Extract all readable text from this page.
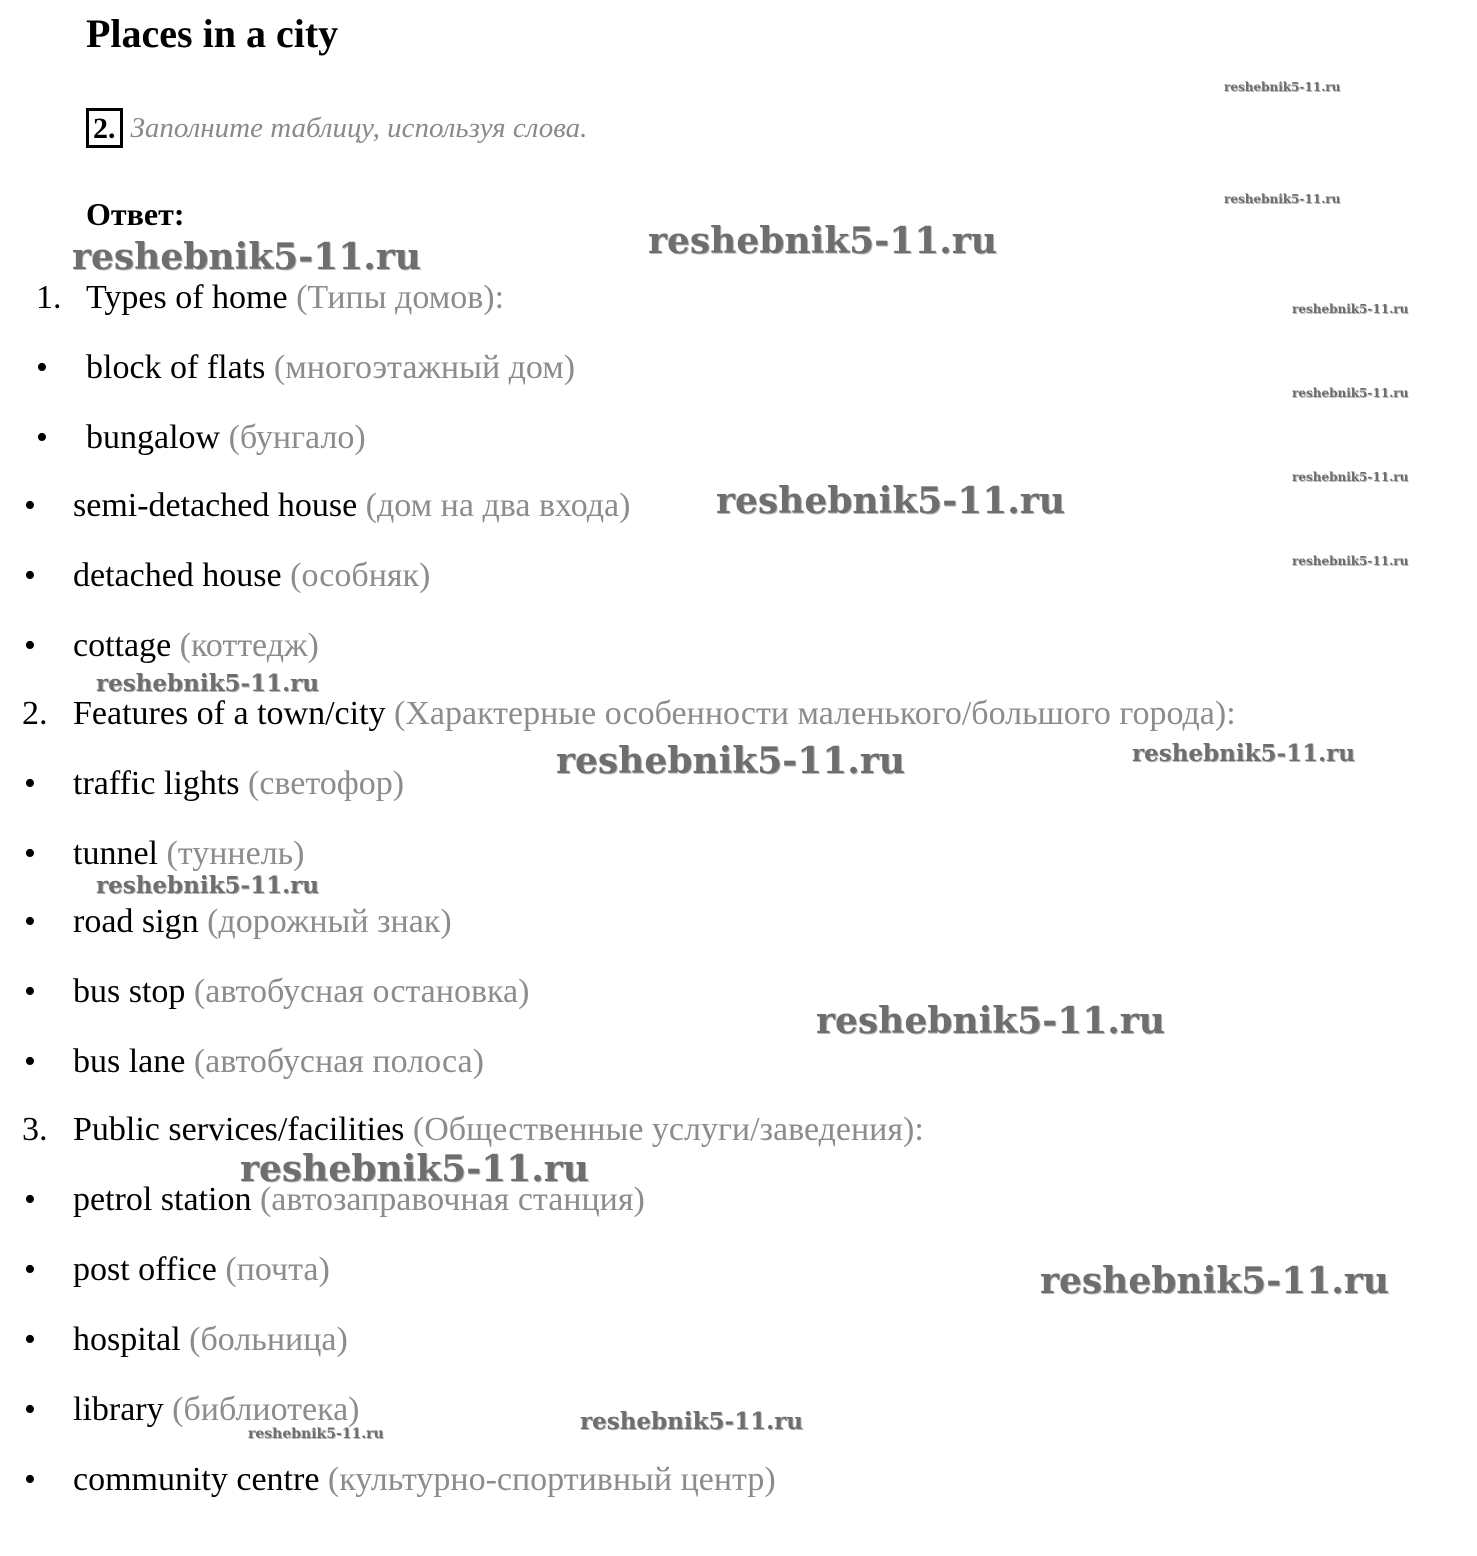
Places in a city
2. Заполните таблицу, используя слова.
Ответ:
1. Types of home (Типы домов):
• block of flats (многоэтажный дом)
• bungalow (бунгало)
• semi-detached house (дом на два входа)
• detached house (особняк)
• cottage (коттедж)
2. Features of a town/city (Характерные особенности маленького/большого города):
• traffic lights (светофор)
• tunnel (туннель)
• road sign (дорожный знак)
• bus stop (автобусная остановка)
• bus lane (автобусная полоса)
3. Public services/facilities (Общественные услуги/заведения):
• petrol station (автозаправочная станция)
• post office (почта)
• hospital (больница)
• library (библиотека)
• community centre (культурно-спортивный центр)
reshebnik5-11.ru
reshebnik5-11.ru
reshebnik5-11.ru	reshebnik5-11.ru
reshebnik5-11.ru
reshebnik5-11.ru
reshebnik5-11.ru
reshebnik5-11.ru
reshebnik5-11.ru
reshebnik5-11.ru
reshebnik5-11.ru	reshebnik5-11.ru
reshebnik5-11.ru
reshebnik5-11.ru
reshebnik5-11.ru
reshebnik5-11.ru
reshebnik5-11.ru
reshebnik5-11.ru
